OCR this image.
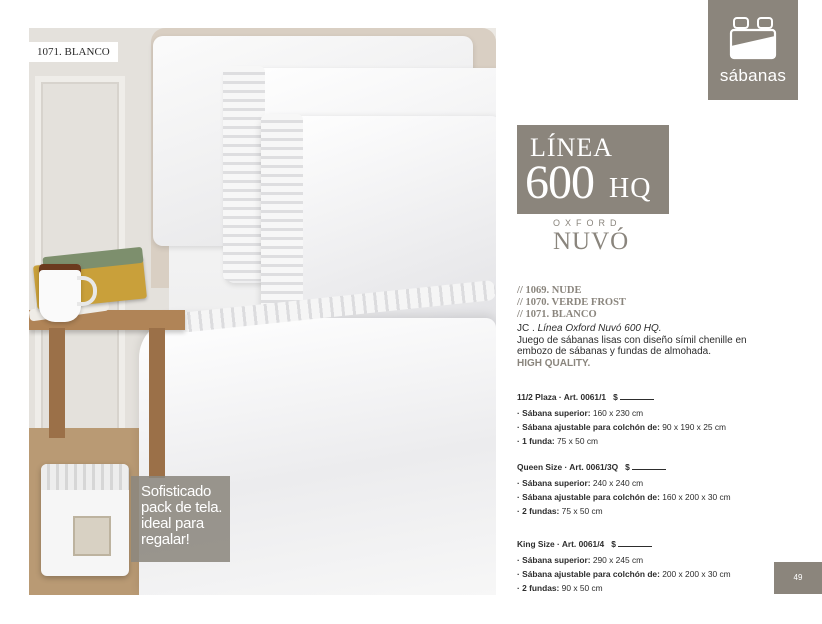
1071. BLANCO
Sofisticado
pack de tela.
ideal para
regalar!
sábanas
LÍNEA
600 HQ
OXFORD
NUVÓ
// 1069. NUDE
// 1070. VERDE FROST
// 1071. BLANCO
JC . Línea Oxford Nuvó 600 HQ.
Juego de sábanas lisas con diseño símil chenille en embozo de sábanas y fundas de almohada.
HIGH QUALITY.
11/2 Plaza · Art. 0061/1 $
· Sábana superior: 160 x 230 cm
· Sábana ajustable para colchón de: 90 x 190 x 25 cm
· 1 funda: 75 x 50 cm
Queen Size · Art. 0061/3Q $
· Sábana superior: 240 x 240 cm
· Sábana ajustable para colchón de: 160 x 200 x 30 cm
· 2 fundas: 75 x 50 cm
King Size · Art. 0061/4 $
· Sábana superior: 290 x 245 cm
· Sábana ajustable para colchón de: 200 x 200 x 30 cm
· 2 fundas: 90 x 50 cm
49
